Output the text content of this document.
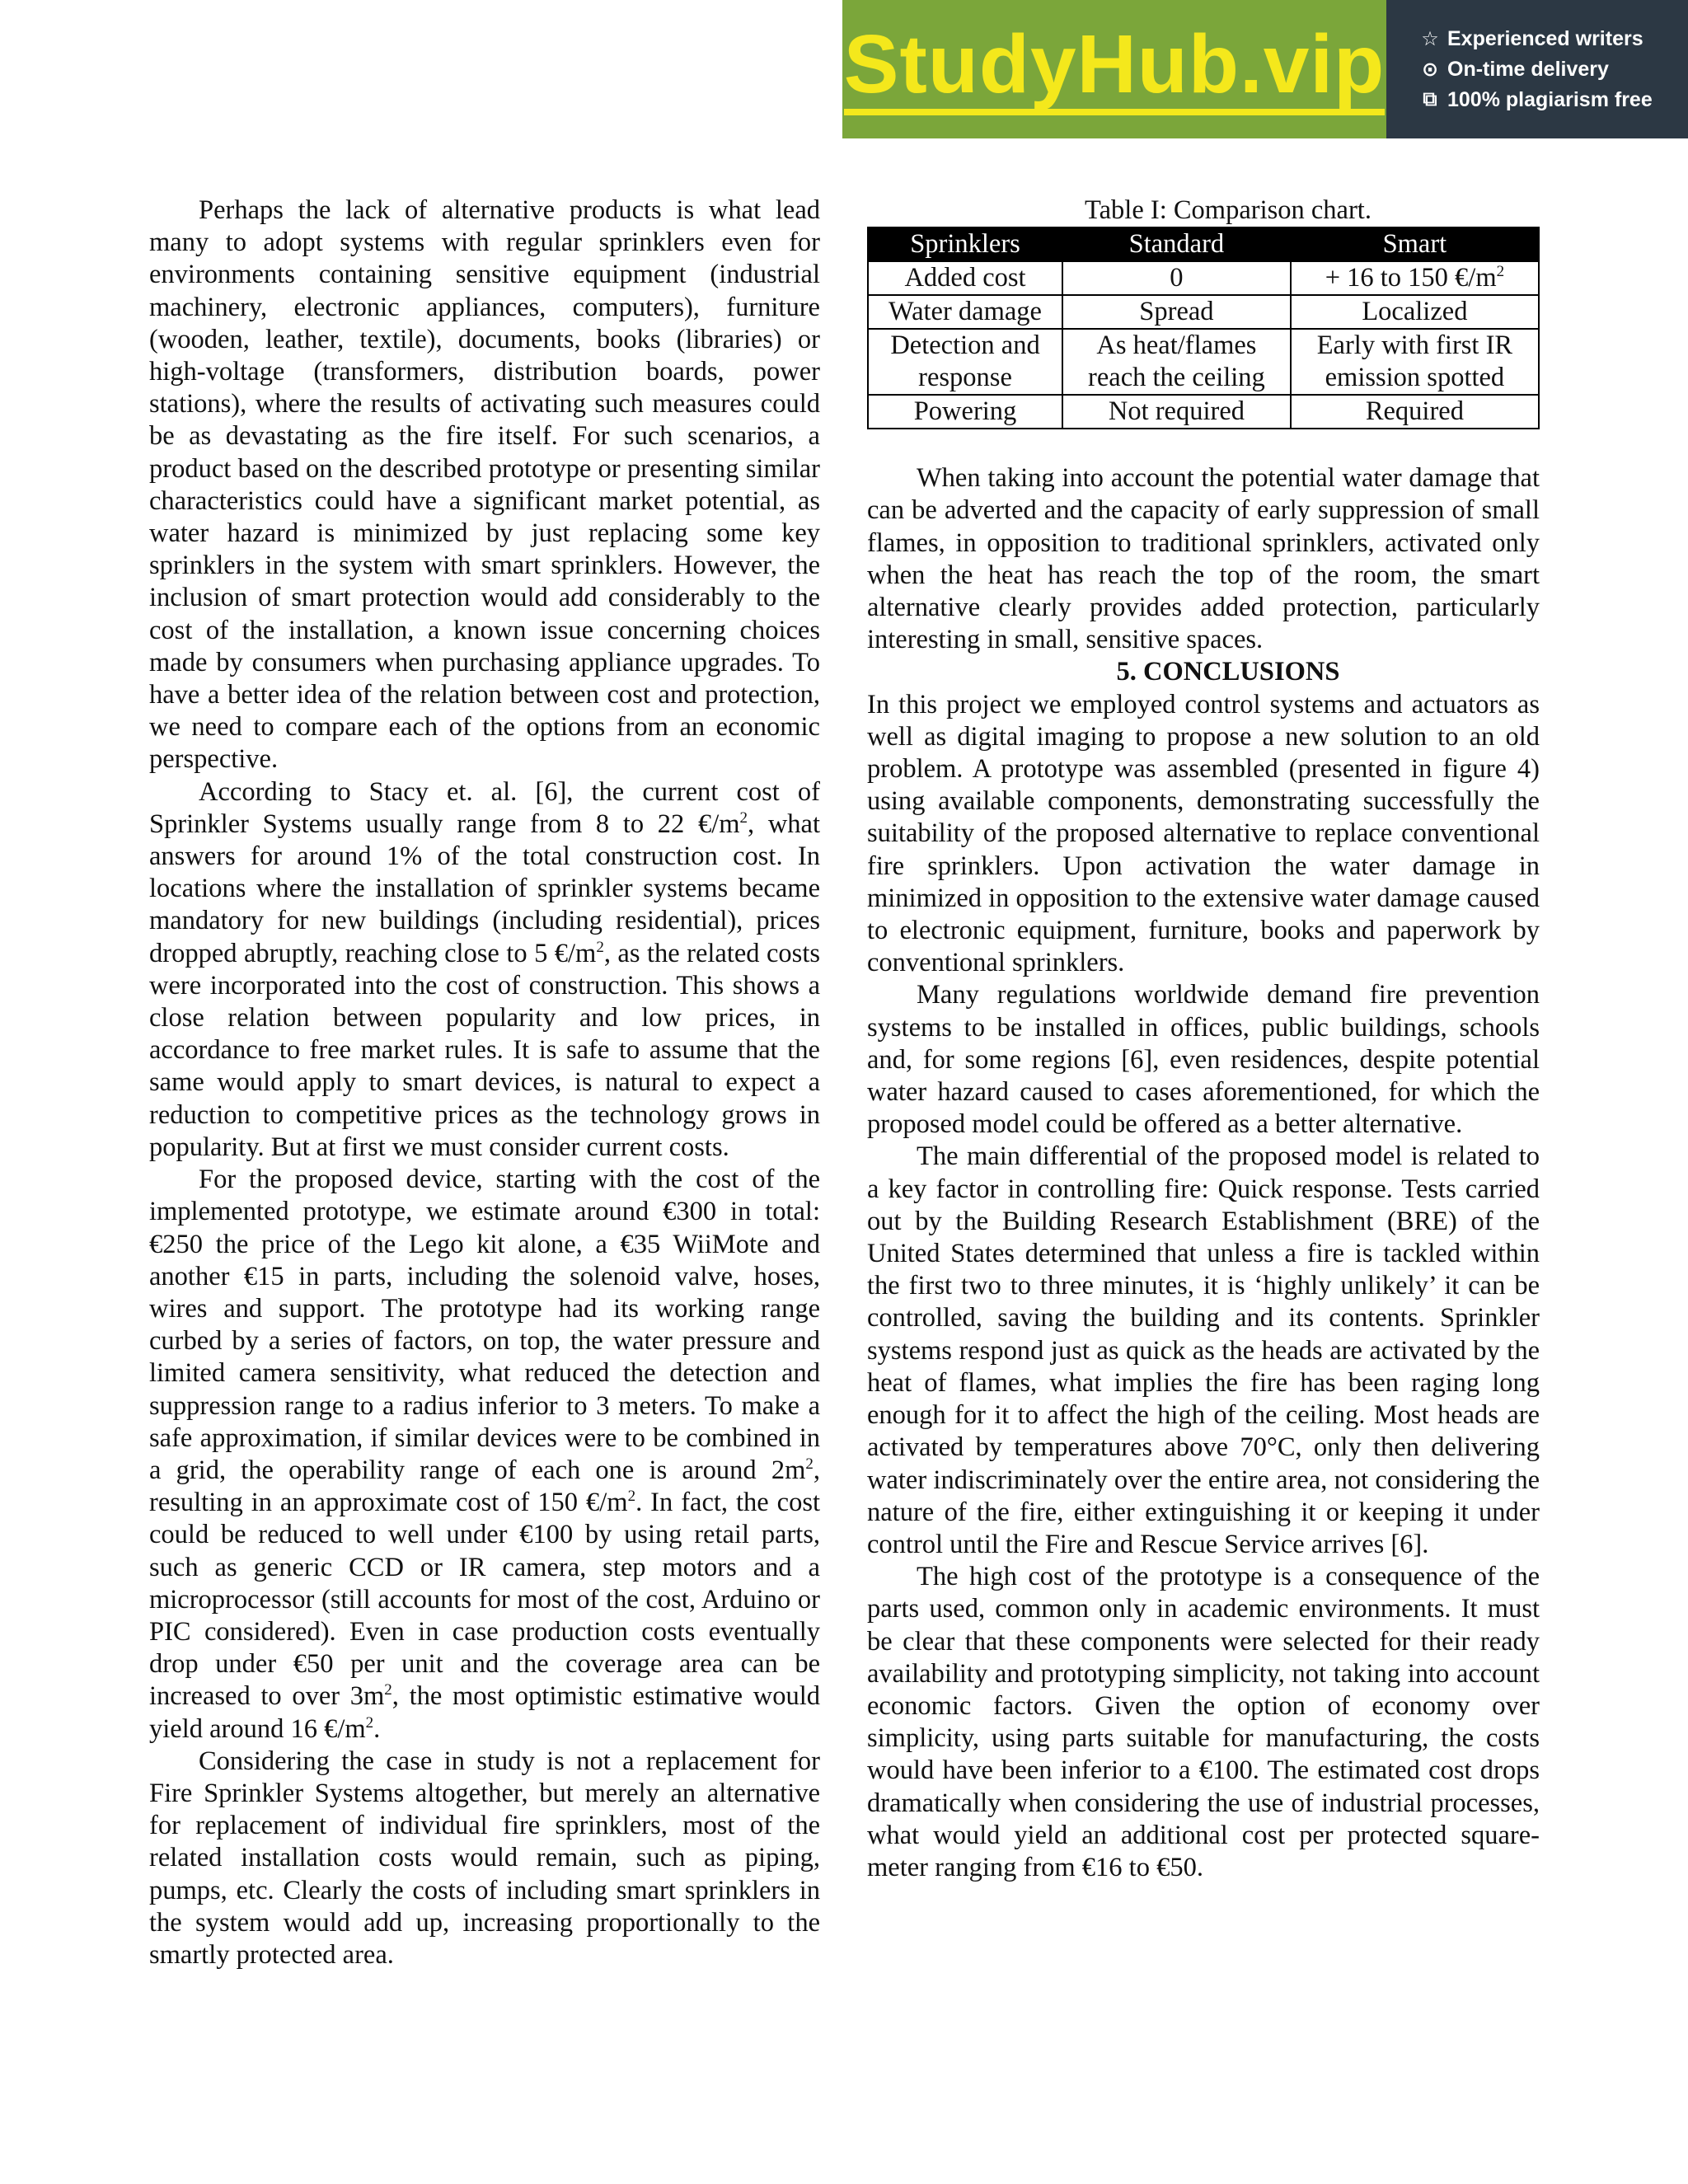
StudyHub.vip ☆ Experienced writers
⊙ On-time delivery
⧉ 100% plagiarism free

Perhaps the lack of alternative products is what lead many to adopt systems with regular sprinklers even for environments containing sensitive equipment (industrial machinery, electronic appliances, computers), furniture (wooden, leather, textile), documents, books (libraries) or high-voltage (transformers, distribution boards, power stations), where the results of activating such measures could be as devastating as the fire itself. For such scenarios, a product based on the described prototype or presenting similar characteristics could have a significant market potential, as water hazard is minimized by just replacing some key sprinklers in the system with smart sprinklers. However, the inclusion of smart protection would add considerably to the cost of the installation, a known issue concerning choices made by consumers when purchasing appliance upgrades. To have a better idea of the relation between cost and protection, we need to compare each of the options from an economic perspective.

According to Stacy et. al. [6], the current cost of Sprinkler Systems usually range from 8 to 22 $€/m^2$, what answers for around 1% of the total construction cost. In locations where the installation of sprinkler systems became mandatory for new buildings (including residential), prices dropped abruptly, reaching close to 5 $€/m^2$, as the related costs were incorporated into the cost of construction. This shows a close relation between popularity and low prices, in accordance to free market rules. It is safe to assume that the same would apply to smart devices, is natural to expect a reduction to competitive prices as the technology grows in popularity. But at first we must consider current costs.

For the proposed device, starting with the cost of the implemented prototype, we estimate around €300 in total: €250 the price of the Lego kit alone, a €35 WiiMote and another €15 in parts, including the solenoid valve, hoses, wires and support. The prototype had its working range curbed by a series of factors, on top, the water pressure and limited camera sensitivity, what reduced the detection and suppression range to a radius inferior to 3 meters. To make a safe approximation, if similar devices were to be combined in a grid, the operability range of each one is around $2m^2$, resulting in an approximate cost of 150 $€/m^2$. In fact, the cost could be reduced to well under €100 by using retail parts, such as generic CCD or IR camera, step motors and a microprocessor (still accounts for most of the cost, Arduino or PIC considered). Even in case production costs eventually drop under €50 per unit and the coverage area can be increased to over $3m^2$, the most optimistic estimative would yield around 16 $€/m^2$.

Considering the case in study is not a replacement for Fire Sprinkler Systems altogether, but merely an alternative for replacement of individual fire sprinklers, most of the related installation costs would remain, such as piping, pumps, etc. Clearly the costs of including smart sprinklers in the system would add up, increasing proportionally to the smartly protected area.

Table I: Comparison chart.

Sprinklers	Standard	Smart
Added cost	0	+ 16 to 150 $€/m^2$
Water damage	Spread	Localized
Detection and response	As heat/flames reach the ceiling	Early with first IR emission spotted
Powering	Not required	Required

When taking into account the potential water damage that can be adverted and the capacity of early suppression of small flames, in opposition to traditional sprinklers, activated only when the heat has reach the top of the room, the smart alternative clearly provides added protection, particularly interesting in small, sensitive spaces.

5. CONCLUSIONS

In this project we employed control systems and actuators as well as digital imaging to propose a new solution to an old problem. A prototype was assembled (presented in figure 4) using available components, demonstrating successfully the suitability of the proposed alternative to replace conventional fire sprinklers. Upon activation the water damage in minimized in opposition to the extensive water damage caused to electronic equipment, furniture, books and paperwork by conventional sprinklers.

Many regulations worldwide demand fire prevention systems to be installed in offices, public buildings, schools and, for some regions [6], even residences, despite potential water hazard caused to cases aforementioned, for which the proposed model could be offered as a better alternative.

The main differential of the proposed model is related to a key factor in controlling fire: Quick response. Tests carried out by the Building Research Establishment (BRE) of the United States determined that unless a fire is tackled within the first two to three minutes, it is ‘highly unlikely’ it can be controlled, saving the building and its contents. Sprinkler systems respond just as quick as the heads are activated by the heat of flames, what implies the fire has been raging long enough for it to affect the high of the ceiling. Most heads are activated by temperatures above 70°C, only then delivering water indiscriminately over the entire area, not considering the nature of the fire, either extinguishing it or keeping it under control until the Fire and Rescue Service arrives [6].

The high cost of the prototype is a consequence of the parts used, common only in academic environments. It must be clear that these components were selected for their ready availability and prototyping simplicity, not taking into account economic factors. Given the option of economy over simplicity, using parts suitable for manufacturing, the costs would have been inferior to a €100. The estimated cost drops dramatically when considering the use of industrial processes, what would yield an additional cost per protected square-meter ranging from €16 to €50.
